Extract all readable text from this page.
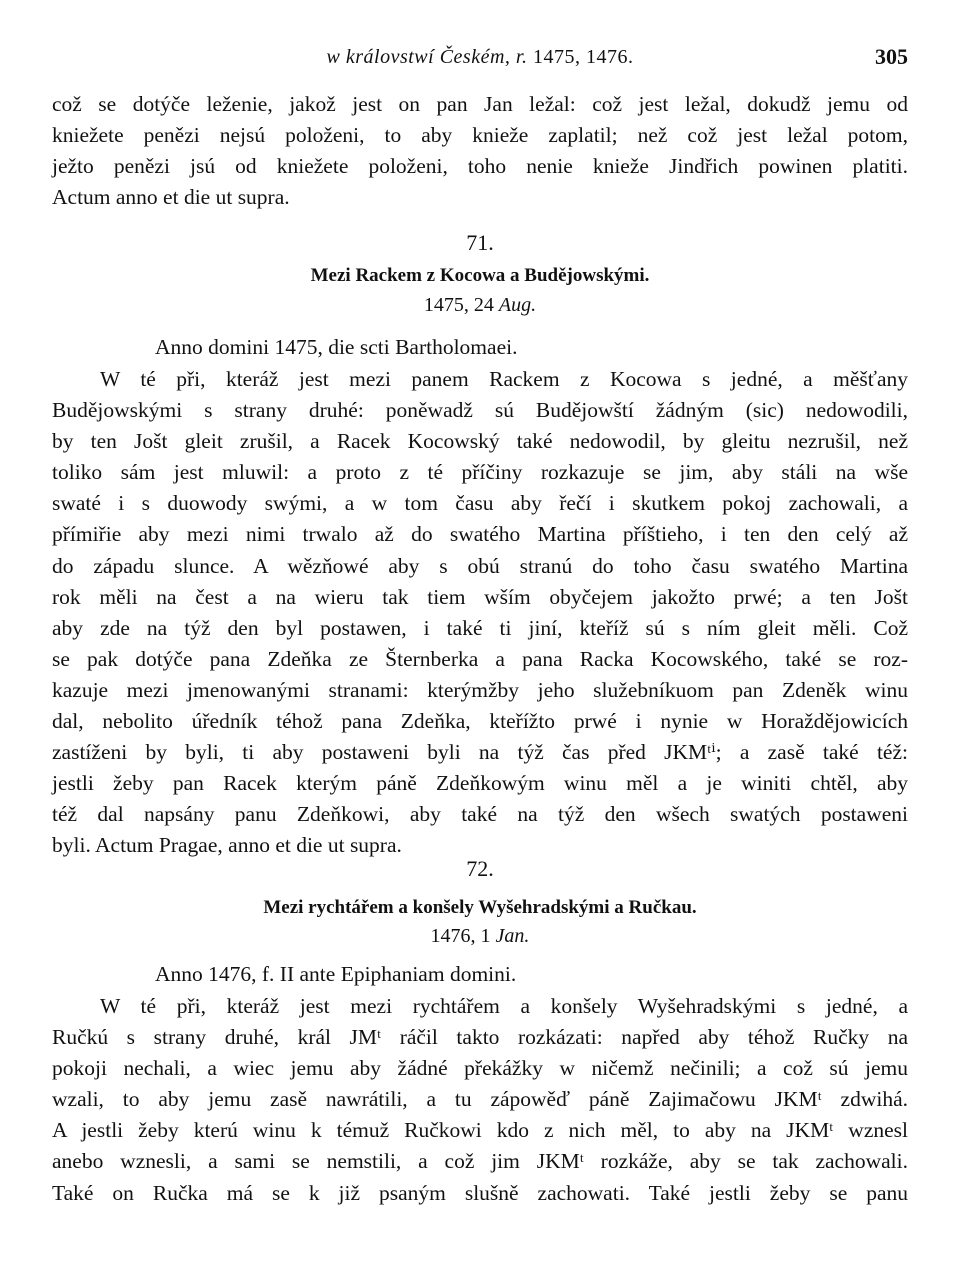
w královstwí Českém, r. 1475, 1476.	305
což se dotýče leženie, jakož jest on pan Jan ležal: což jest ležal, dokudž jemu od
kniežete penězi nejsú položeni, to aby knieže zaplatil; než což jest ležal potom,
ježto penězi jsú od kniežete položeni, toho nenie knieže Jindřich powinen platiti.
Actum anno et die ut supra.
71.
Mezi Rackem z Kocowa a Budějowskými.
1475, 24 Aug.
Anno domini 1475, die scti Bartholomaei.
W té při, kteráž jest mezi panem Rackem z Kocowa s jedné, a měšťany
Budějowskými s strany druhé: poněwadž sú Budějowští žádným (sic) nedowodili,
by ten Jošt gleit zrušil, a Racek Kocowský také nedowodil, by gleitu nezrušil, než
toliko sám jest mluwil: a proto z té příčiny rozkazuje se jim, aby stáli na wše
swaté i s duowody swými, a w tom času aby řečí i skutkem pokoj zachowali, a
přímiřie aby mezi nimi trwalo až do swatého Martina příštieho, i ten den celý až
do západu slunce. A wězňowé aby s obú stranú do toho času swatého Martina
rok měli na čest a na wieru tak tiem wším obyčejem jakožto prwé; a ten Jošt
aby zde na týž den byl postawen, i také ti jiní, kteříž sú s ním gleit měli. Což
se pak dotýče pana Zdeňka ze Šternberka a pana Racka Kocowského, také se roz-
kazuje mezi jmenowanými stranami: kterýmžby jeho služebníkuom pan Zdeněk winu
dal, nebolito úředník téhož pana Zdeňka, kteřížto prwé i nynie w Horaždějowicích
zastíženi by byli, ti aby postaweni byli na týž čas před JKMᵗⁱ; a zasě také též:
jestli žeby pan Racek kterým páně Zdeňkowým winu měl a je winiti chtěl, aby
též dal napsány panu Zdeňkowi, aby také na týž den wšech swatých postaweni
byli. Actum Pragae, anno et die ut supra.
72.
Mezi rychtářem a konšely Wyšehradskými a Ručkau.
1476, 1 Jan.
Anno 1476, f. II ante Epiphaniam domini.
W té při, kteráž jest mezi rychtářem a konšely Wyšehradskými s jedné, a
Ručkú s strany druhé, král JMᵗ ráčil takto rozkázati: napřed aby téhož Ručky na
pokoji nechali, a wiec jemu aby žádné překážky w ničemž nečinili; a což sú jemu
wzali, to aby jemu zasě nawrátili, a tu zápowěď páně Zajimačowu JKMᵗ zdwihá.
A jestli žeby kterú winu k témuž Ručkowi kdo z nich měl, to aby na JKMᵗ wznesl
anebo wznesli, a sami se nemstili, a což jim JKMᵗ rozkáže, aby se tak zachowali.
Také on Ručka má se k již psaným slušně zachowati. Také jestli žeby se panu
